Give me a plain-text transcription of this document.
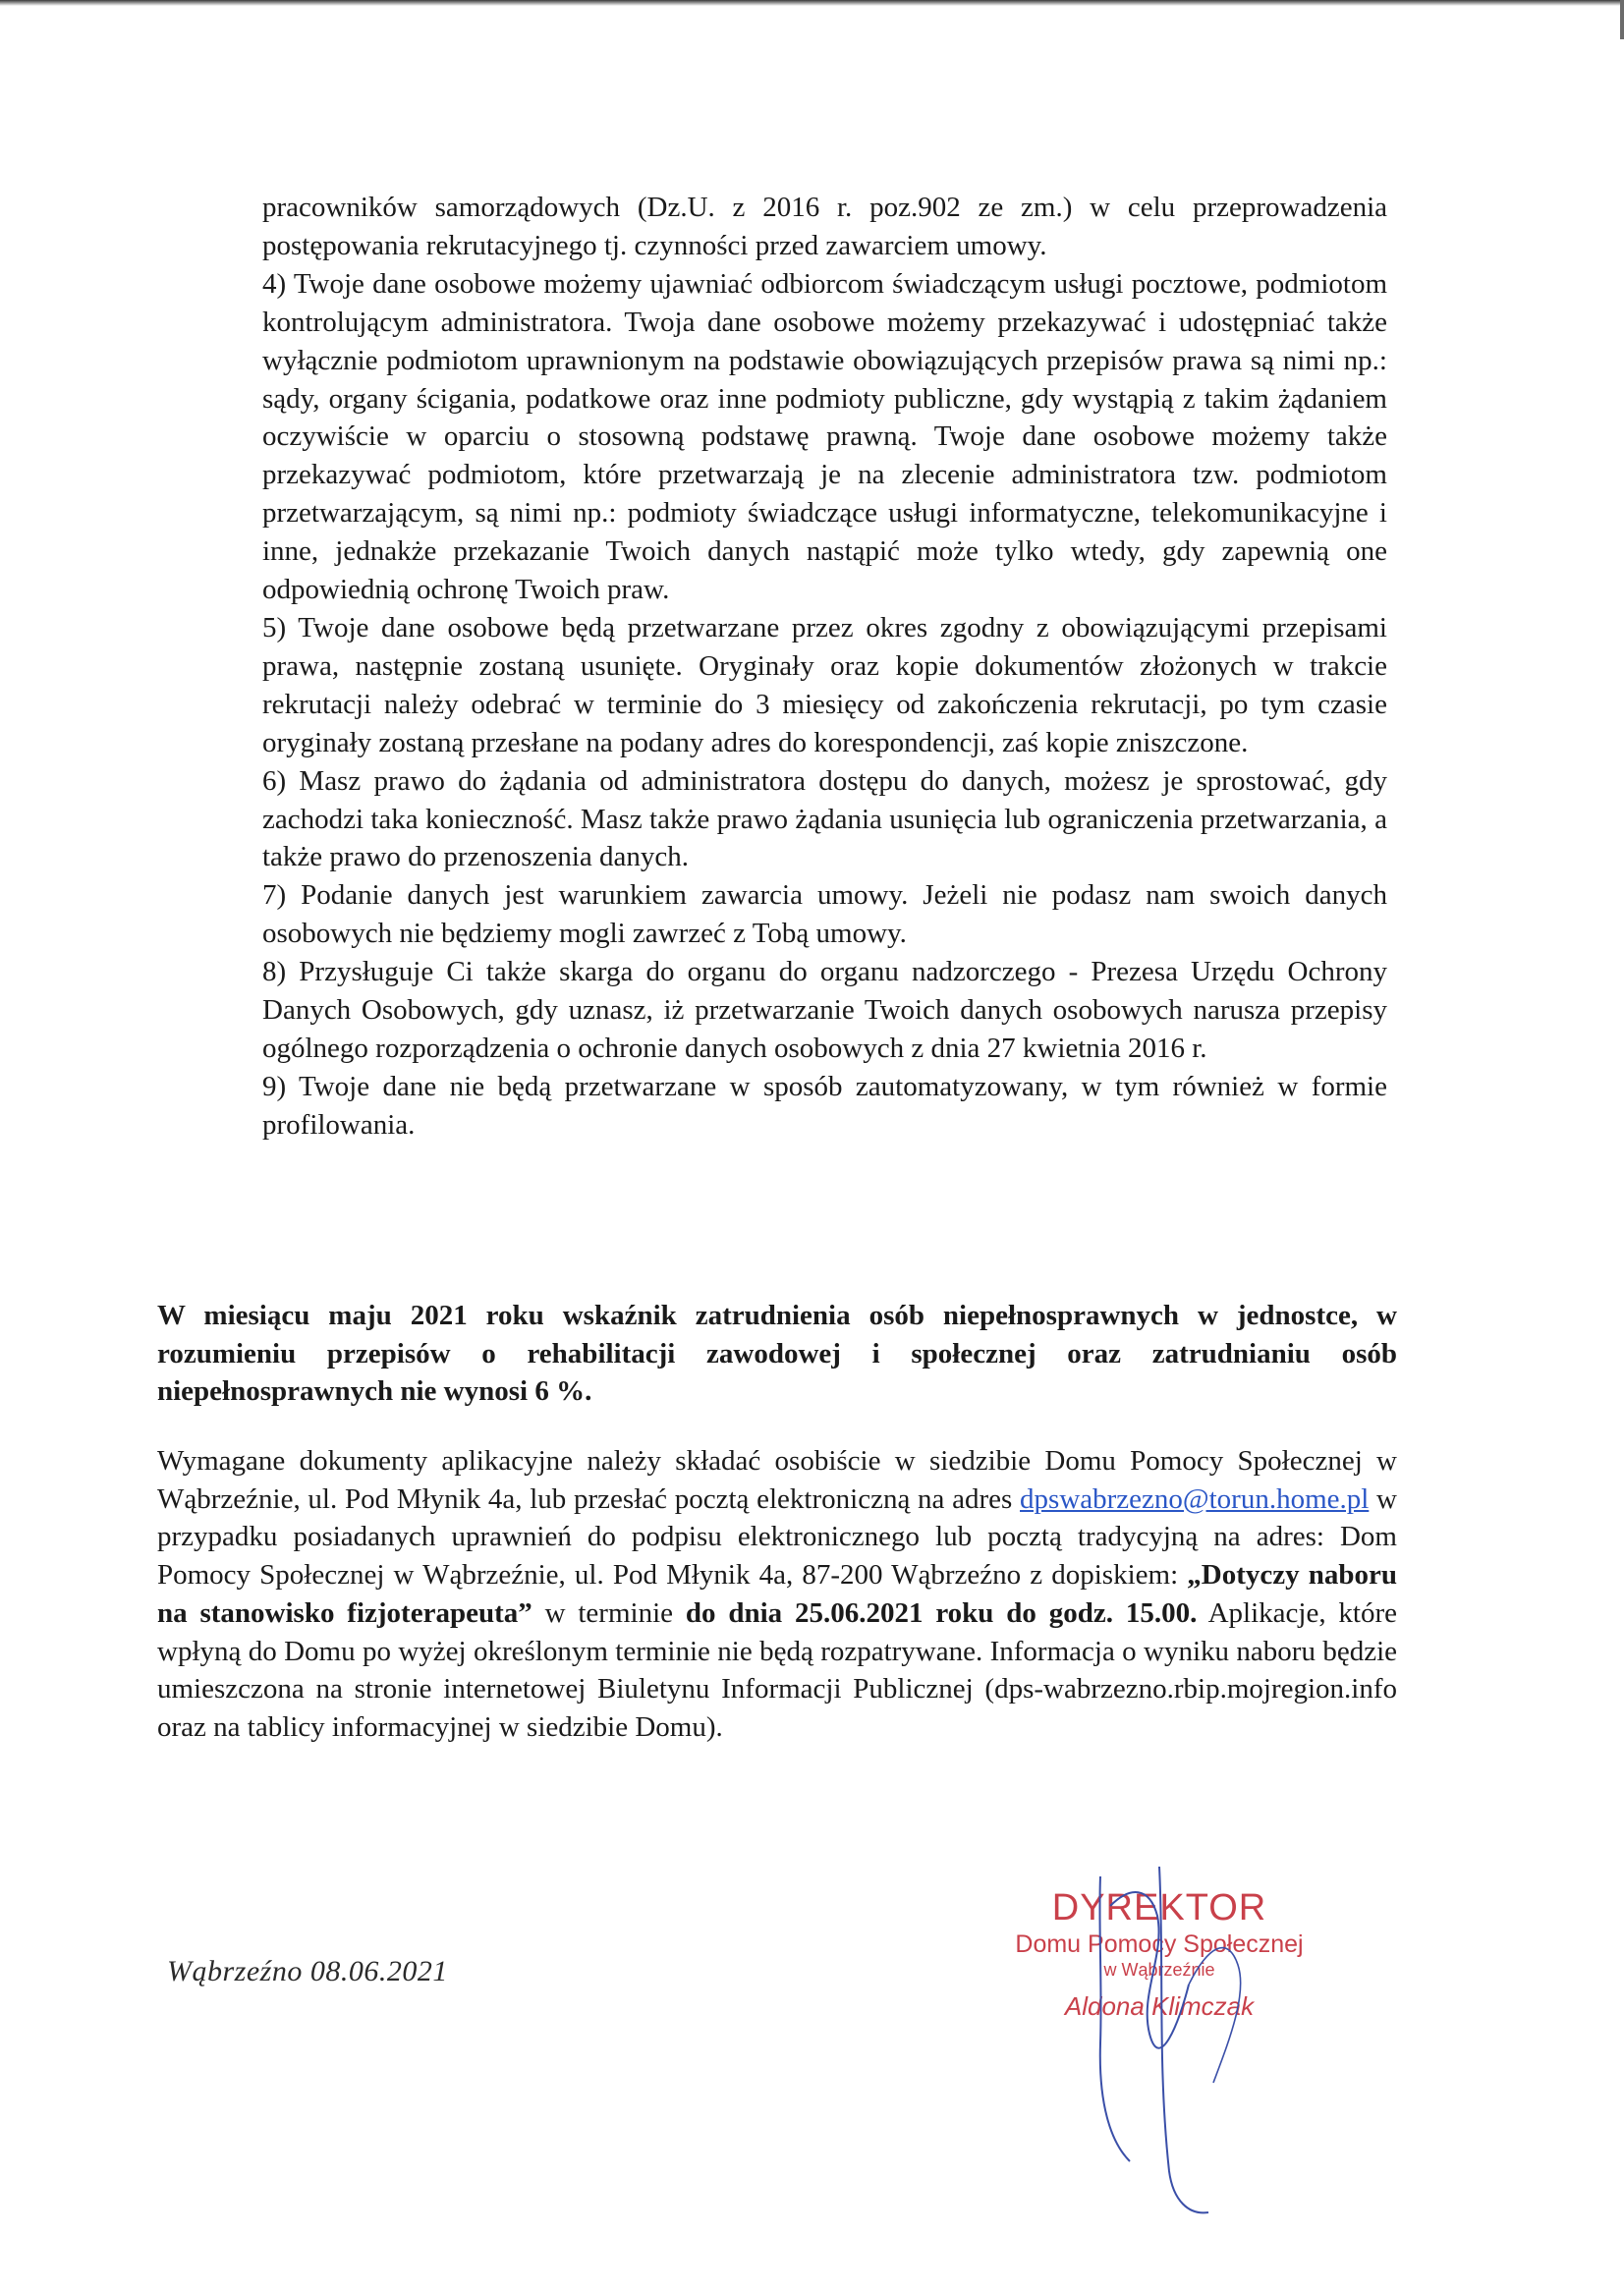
pracowników samorządowych (Dz.U. z 2016 r. poz.902 ze zm.) w celu przeprowadzenia postępowania rekrutacyjnego tj. czynności przed zawarciem umowy.

4) Twoje dane osobowe możemy ujawniać odbiorcom świadczącym usługi pocztowe, podmiotom kontrolującym administratora. Twoja dane osobowe możemy przekazywać i udostępniać także wyłącznie podmiotom uprawnionym na podstawie obowiązujących przepisów prawa są nimi np.: sądy, organy ścigania, podatkowe oraz inne podmioty publiczne, gdy wystąpią z takim żądaniem oczywiście w oparciu o stosowną podstawę prawną. Twoje dane osobowe możemy także przekazywać podmiotom, które przetwarzają je na zlecenie administratora tzw. podmiotom przetwarzającym, są nimi np.: podmioty świadczące usługi informatyczne, telekomunikacyjne i inne, jednakże przekazanie Twoich danych nastąpić może tylko wtedy, gdy zapewnią one odpowiednią ochronę Twoich praw.

5) Twoje dane osobowe będą przetwarzane przez okres zgodny z obowiązującymi przepisami prawa, następnie zostaną usunięte. Oryginały oraz kopie dokumentów złożonych w trakcie rekrutacji należy odebrać w terminie do 3 miesięcy od zakończenia rekrutacji, po tym czasie oryginały zostaną przesłane na podany adres do korespondencji, zaś kopie zniszczone.

6) Masz prawo do żądania od administratora dostępu do danych, możesz je sprostować, gdy zachodzi taka konieczność. Masz także prawo żądania usunięcia lub ograniczenia przetwarzania, a także prawo do przenoszenia danych.

7) Podanie danych jest warunkiem zawarcia umowy. Jeżeli nie podasz nam swoich danych osobowych nie będziemy mogli zawrzeć z Tobą umowy.

8) Przysługuje Ci także skarga do organu do organu nadzorczego - Prezesa Urzędu Ochrony Danych Osobowych, gdy uznasz, iż przetwarzanie Twoich danych osobowych narusza przepisy ogólnego rozporządzenia o ochronie danych osobowych z dnia 27 kwietnia 2016 r.

9) Twoje dane nie będą przetwarzane w sposób zautomatyzowany, w tym również w formie profilowania.

W miesiącu maju 2021 roku wskaźnik zatrudnienia osób niepełnosprawnych w jednostce, w rozumieniu przepisów o rehabilitacji zawodowej i społecznej oraz zatrudnianiu osób niepełnosprawnych nie wynosi 6 %.
Wymagane dokumenty aplikacyjne należy składać osobiście w siedzibie Domu Pomocy Społecznej w Wąbrzeźnie, ul. Pod Młynik 4a, lub przesłać pocztą elektroniczną na adres dpswabrzezno@torun.home.pl w przypadku posiadanych uprawnień do podpisu elektronicznego lub pocztą tradycyjną na adres: Dom Pomocy Społecznej w Wąbrzeźnie, ul. Pod Młynik 4a, 87-200 Wąbrzeźno z dopiskiem: „Dotyczy naboru na stanowisko fizjoterapeuta” w terminie do dnia 25.06.2021 roku do godz. 15.00. Aplikacje, które wpłyną do Domu po wyżej określonym terminie nie będą rozpatrywane. Informacja o wyniku naboru będzie umieszczona na stronie internetowej Biuletynu Informacji Publicznej (dps-wabrzezno.rbip.mojregion.info oraz na tablicy informacyjnej w siedzibie Domu).
Wąbrzeźno 08.06.2021
DYREKTOR
Domu Pomocy Społecznej
w Wąbrzeźnie
Aldona Klimczak
